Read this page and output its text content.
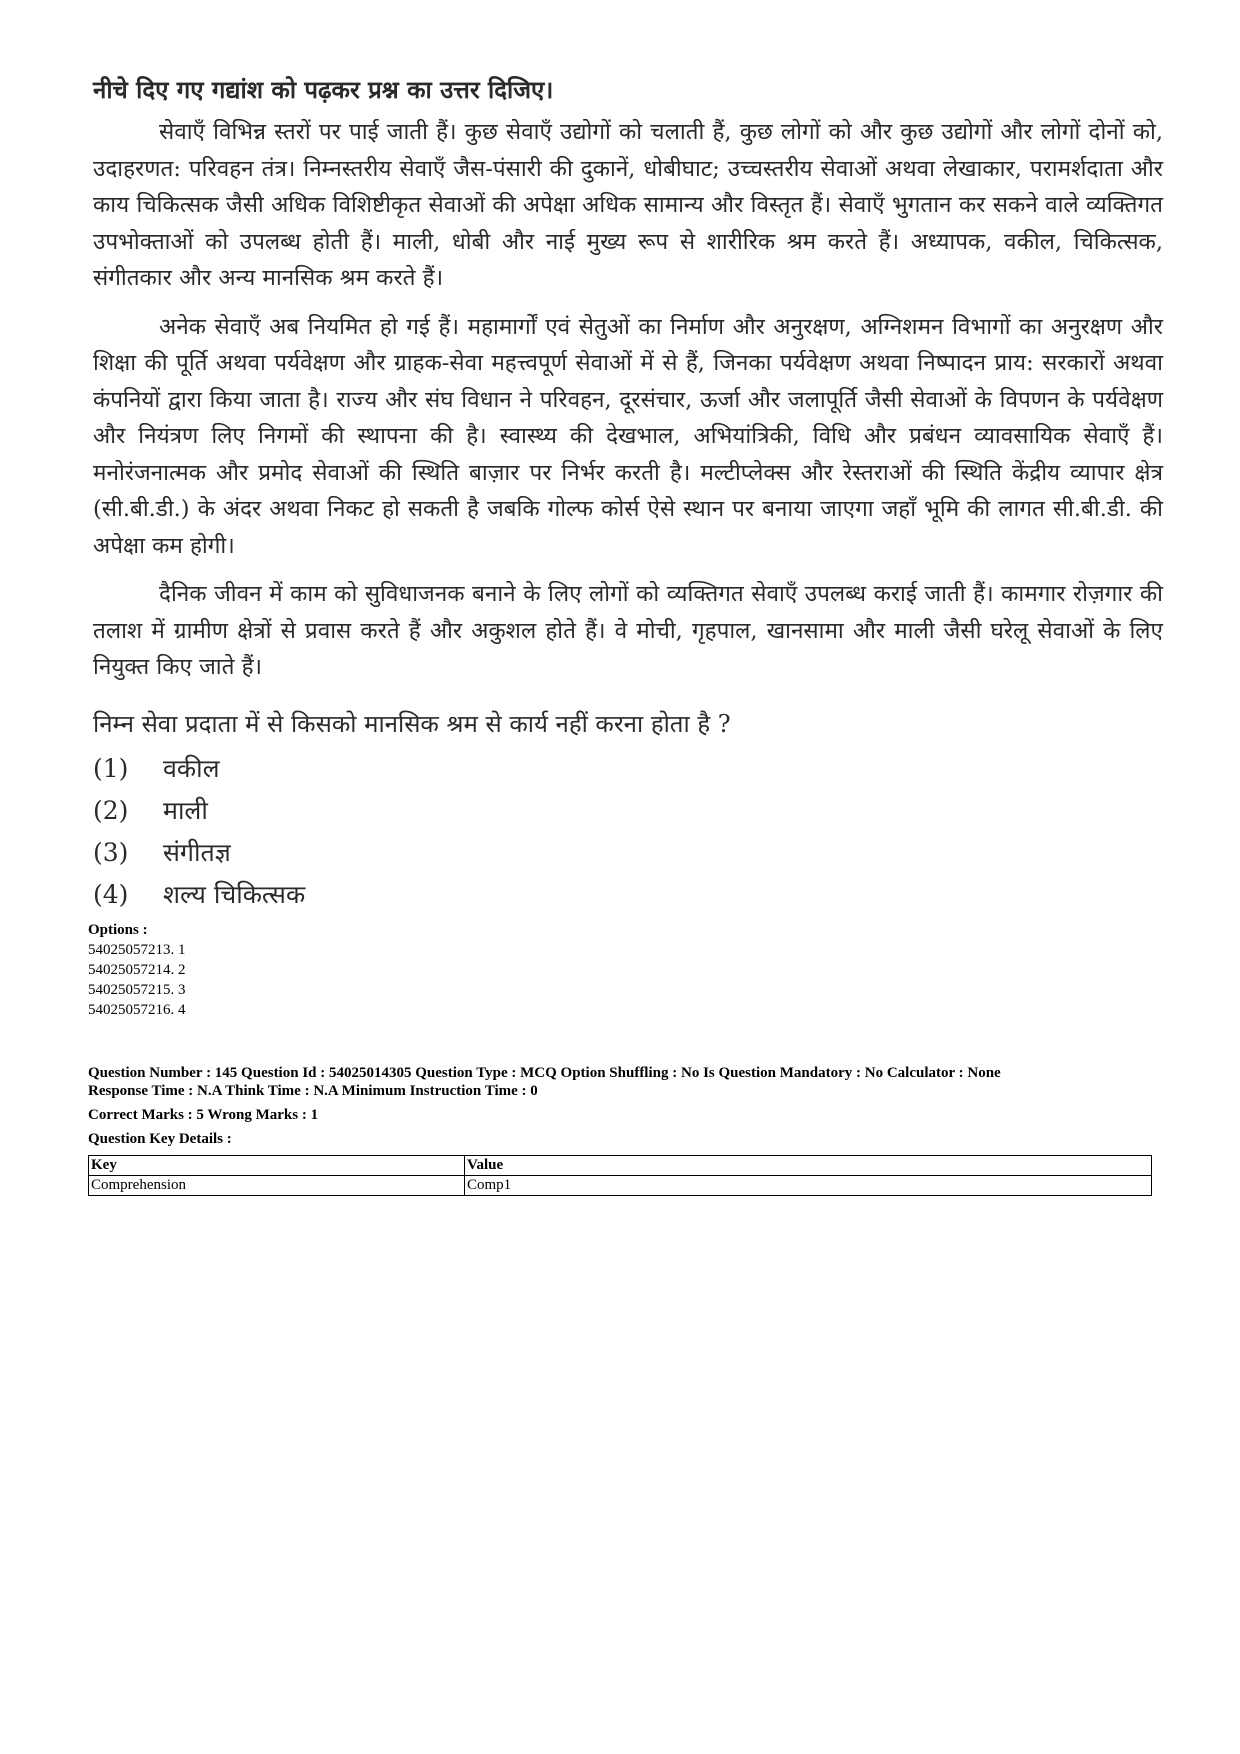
नीचे दिए गए गद्यांश को पढ़कर प्रश्न का उत्तर दिजिए।

सेवाएँ विभिन्न स्तरों पर पाई जाती हैं। कुछ सेवाएँ उद्योगों को चलाती हैं, कुछ लोगों को और कुछ उद्योगों और लोगों दोनों को, उदाहरणत: परिवहन तंत्र। निम्नस्तरीय सेवाएँ जैस-पंसारी की दुकानें, धोबीघाट; उच्चस्तरीय सेवाओं अथवा लेखाकार, परामर्शदाता और काय चिकित्सक जैसी अधिक विशिष्टीकृत सेवाओं की अपेक्षा अधिक सामान्य और विस्तृत हैं। सेवाएँ भुगतान कर सकने वाले व्यक्तिगत उपभोक्ताओं को उपलब्ध होती हैं। माली, धोबी और नाई मुख्य रूप से शारीरिक श्रम करते हैं। अध्यापक, वकील, चिकित्सक, संगीतकार और अन्य मानसिक श्रम करते हैं।

अनेक सेवाएँ अब नियमित हो गई हैं। महामार्गों एवं सेतुओं का निर्माण और अनुरक्षण, अग्निशमन विभागों का अनुरक्षण और शिक्षा की पूर्ति अथवा पर्यवेक्षण और ग्राहक-सेवा महत्त्वपूर्ण सेवाओं में से हैं, जिनका पर्यवेक्षण अथवा निष्पादन प्राय: सरकारों अथवा कंपनियों द्वारा किया जाता है। राज्य और संघ विधान ने परिवहन, दूरसंचार, ऊर्जा और जलापूर्ति जैसी सेवाओं के विपणन के पर्यवेक्षण और नियंत्रण लिए निगमों की स्थापना की है। स्वास्थ्य की देखभाल, अभियांत्रिकी, विधि और प्रबंधन व्यावसायिक सेवाएँ हैं। मनोरंजनात्मक और प्रमोद सेवाओं की स्थिति बाज़ार पर निर्भर करती है। मल्टीप्लेक्स और रेस्तराओं की स्थिति केंद्रीय व्यापार क्षेत्र (सी.बी.डी.) के अंदर अथवा निकट हो सकती है जबकि गोल्फ कोर्स ऐसे स्थान पर बनाया जाएगा जहाँ भूमि की लागत सी.बी.डी. की अपेक्षा कम होगी।

दैनिक जीवन में काम को सुविधाजनक बनाने के लिए लोगों को व्यक्तिगत सेवाएँ उपलब्ध कराई जाती हैं। कामगार रोज़गार की तलाश में ग्रामीण क्षेत्रों से प्रवास करते हैं और अकुशल होते हैं। वे मोची, गृहपाल, खानसामा और माली जैसी घरेलू सेवाओं के लिए नियुक्त किए जाते हैं।

निम्न सेवा प्रदाता में से किसको मानसिक श्रम से कार्य नहीं करना होता है ?
(1)	वकील
(2)	माली
(3)	संगीतज्ञ
(4)	शल्य चिकित्सक
Options :
54025057213. 1
54025057214. 2
54025057215. 3
54025057216. 4
Question Number : 145 Question Id : 54025014305 Question Type : MCQ Option Shuffling : No Is Question Mandatory : No Calculator : None
Response Time : N.A Think Time : N.A Minimum Instruction Time : 0
Correct Marks : 5 Wrong Marks : 1
Question Key Details :
Key	Value
Comprehension	Comp1
